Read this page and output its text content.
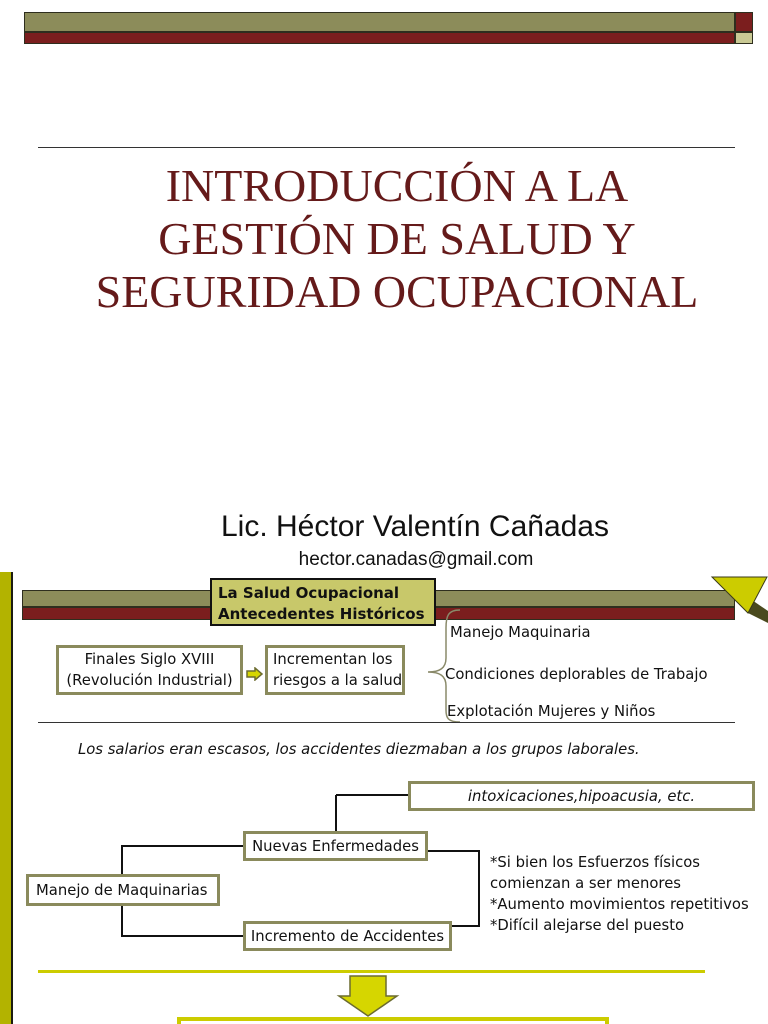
INTRODUCCIÓN A LA
GESTIÓN DE SALUD Y
SEGURIDAD OCUPACIONAL
Lic. Héctor Valentín Cañadas
hector.canadas@gmail.com
La Salud Ocupacional
Antecedentes Históricos
Finales Siglo XVIII
(Revolución Industrial)
Incrementan los
riesgos a la salud
Manejo Maquinaria
Condiciones deplorables de Trabajo
Explotación Mujeres y Niños
Los salarios eran escasos, los accidentes diezmaban a los grupos laborales.
intoxicaciones,hipoacusia, etc.
Nuevas Enfermedades
Manejo de Maquinarias
Incremento de Accidentes
*Si bien los Esfuerzos físicos
comienzan a ser menores
*Aumento movimientos repetitivos
*Difícil alejarse del puesto
